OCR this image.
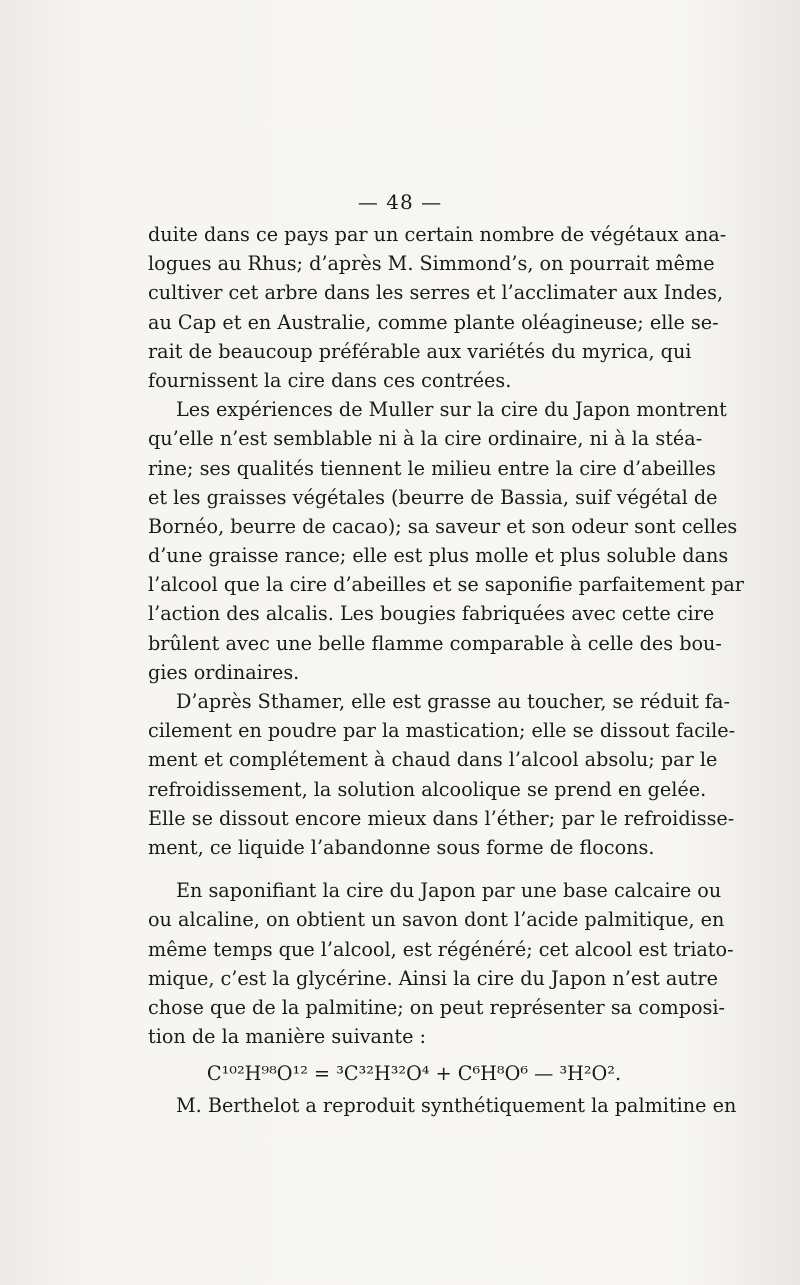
— 48 —
duite dans ce pays par un certain nombre de végétaux ana-
logues au Rhus; d’après M. Simmond’s, on pourrait même
cultiver cet arbre dans les serres et l’acclimater aux Indes,
au Cap et en Australie, comme plante oléagineuse; elle se-
rait de beaucoup préférable aux variétés du myrica, qui
fournissent la cire dans ces contrées.
Les expériences de Muller sur la cire du Japon montrent
qu’elle n’est semblable ni à la cire ordinaire, ni à la stéa-
rine; ses qualités tiennent le milieu entre la cire d’abeilles
et les graisses végétales (beurre de Bassia, suif végétal de
Bornéo, beurre de cacao); sa saveur et son odeur sont celles
d’une graisse rance; elle est plus molle et plus soluble dans
l’alcool que la cire d’abeilles et se saponifie parfaitement par
l’action des alcalis. Les bougies fabriquées avec cette cire
brûlent avec une belle flamme comparable à celle des bou-
gies ordinaires.
D’après Sthamer, elle est grasse au toucher, se réduit fa-
cilement en poudre par la mastication; elle se dissout facile-
ment et complétement à chaud dans l’alcool absolu; par le
refroidissement, la solution alcoolique se prend en gelée.
Elle se dissout encore mieux dans l’éther; par le refroidisse-
ment, ce liquide l’abandonne sous forme de flocons.
En saponifiant la cire du Japon par une base calcaire ou
ou alcaline, on obtient un savon dont l’acide palmitique, en
même temps que l’alcool, est régénéré; cet alcool est triato-
mique, c’est la glycérine. Ainsi la cire du Japon n’est autre
chose que de la palmitine; on peut représenter sa composi-
tion de la manière suivante :
C¹⁰²H⁹⁸O¹² = ³C³²H³²O⁴ + C⁶H⁸O⁶ — ³H²O².
M. Berthelot a reproduit synthétiquement la palmitine en
